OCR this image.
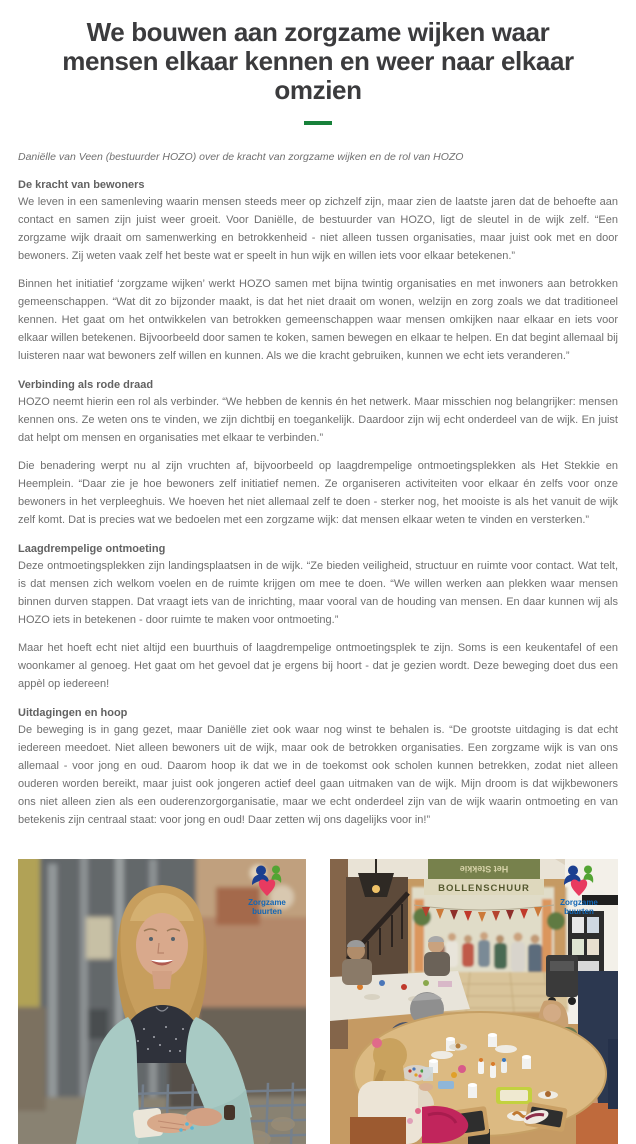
We bouwen aan zorgzame wijken waar mensen elkaar kennen en weer naar elkaar omzien

Daniëlle van Veen (bestuurder HOZO) over de kracht van zorgzame wijken en de rol van HOZO

De kracht van bewoners

We leven in een samenleving waarin mensen steeds meer op zichzelf zijn, maar zien de laatste jaren dat de behoefte aan contact en samen zijn juist weer groeit. Voor Daniëlle, de bestuurder van HOZO, ligt de sleutel in de wijk zelf. “Een zorgzame wijk draait om samenwerking en betrokkenheid - niet alleen tussen organisaties, maar juist ook met en door bewoners. Zij weten vaak zelf het beste wat er speelt in hun wijk en willen iets voor elkaar betekenen.”

Binnen het initiatief ‘zorgzame wijken’ werkt HOZO samen met bijna twintig organisaties en met inwoners aan betrokken gemeenschappen. “Wat dit zo bijzonder maakt, is dat het niet draait om wonen, welzijn en zorg zoals we dat traditioneel kennen. Het gaat om het ontwikkelen van betrokken gemeenschappen waar mensen omkijken naar elkaar en iets voor elkaar willen betekenen. Bijvoorbeeld door samen te koken, samen bewegen en elkaar te helpen. En dat begint allemaal bij luisteren naar wat bewoners zelf willen en kunnen. Als we die kracht gebruiken, kunnen we echt iets veranderen.”

Verbinding als rode draad

HOZO neemt hierin een rol als verbinder. “We hebben de kennis én het netwerk. Maar misschien nog belangrijker: mensen kennen ons. Ze weten ons te vinden, we zijn dichtbij en toegankelijk. Daardoor zijn wij echt onderdeel van de wijk. En juist dat helpt om mensen en organisaties met elkaar te verbinden.”

Die benadering werpt nu al zijn vruchten af, bijvoorbeeld op laagdrempelige ontmoetingsplekken als Het Stekkie en Heemplein. “Daar zie je hoe bewoners zelf initiatief nemen. Ze organiseren activiteiten voor elkaar én zelfs voor onze bewoners in het verpleeghuis. We hoeven het niet allemaal zelf te doen - sterker nog, het mooiste is als het vanuit de wijk zelf komt. Dat is precies wat we bedoelen met een zorgzame wijk: dat mensen elkaar weten te vinden en versterken.”

Laagdrempelige ontmoeting

Deze ontmoetingsplekken zijn landingsplaatsen in de wijk. “Ze bieden veiligheid, structuur en ruimte voor contact. Wat telt, is dat mensen zich welkom voelen en de ruimte krijgen om mee te doen. “We willen werken aan plekken waar mensen binnen durven stappen. Dat vraagt iets van de inrichting, maar vooral van de houding van mensen. En daar kunnen wij als HOZO iets in betekenen - door ruimte te maken voor ontmoeting.”

Maar het hoeft echt niet altijd een buurthuis of laagdrempelige ontmoetingsplek te zijn. Soms is een keukentafel of een woonkamer al genoeg. Het gaat om het gevoel dat je ergens bij hoort - dat je gezien wordt. Deze beweging doet dus een appèl op iedereen!

Uitdagingen en hoop

De beweging is in gang gezet, maar Daniëlle ziet ook waar nog winst te behalen is. “De grootste uitdaging is dat echt iedereen meedoet. Niet alleen bewoners uit de wijk, maar ook de betrokken organisaties. Een zorgzame wijk is van ons allemaal - voor jong en oud. Daarom hoop ik dat we in de toekomst ook scholen kunnen betrekken, zodat niet alleen ouderen worden bereikt, maar juist ook jongeren actief deel gaan uitmaken van de wijk. Mijn droom is dat wijkbewoners ons niet alleen zien als een ouderenzorgorganisatie, maar we echt onderdeel zijn van de wijk waarin ontmoeting en van betekenis zijn centraal staat: voor jong en oud! Daar zetten wij ons dagelijks voor in!”

Zorgzame
buurten
Het Stekkie
BOLLENSCHUUR
Zorgzame
buurten
